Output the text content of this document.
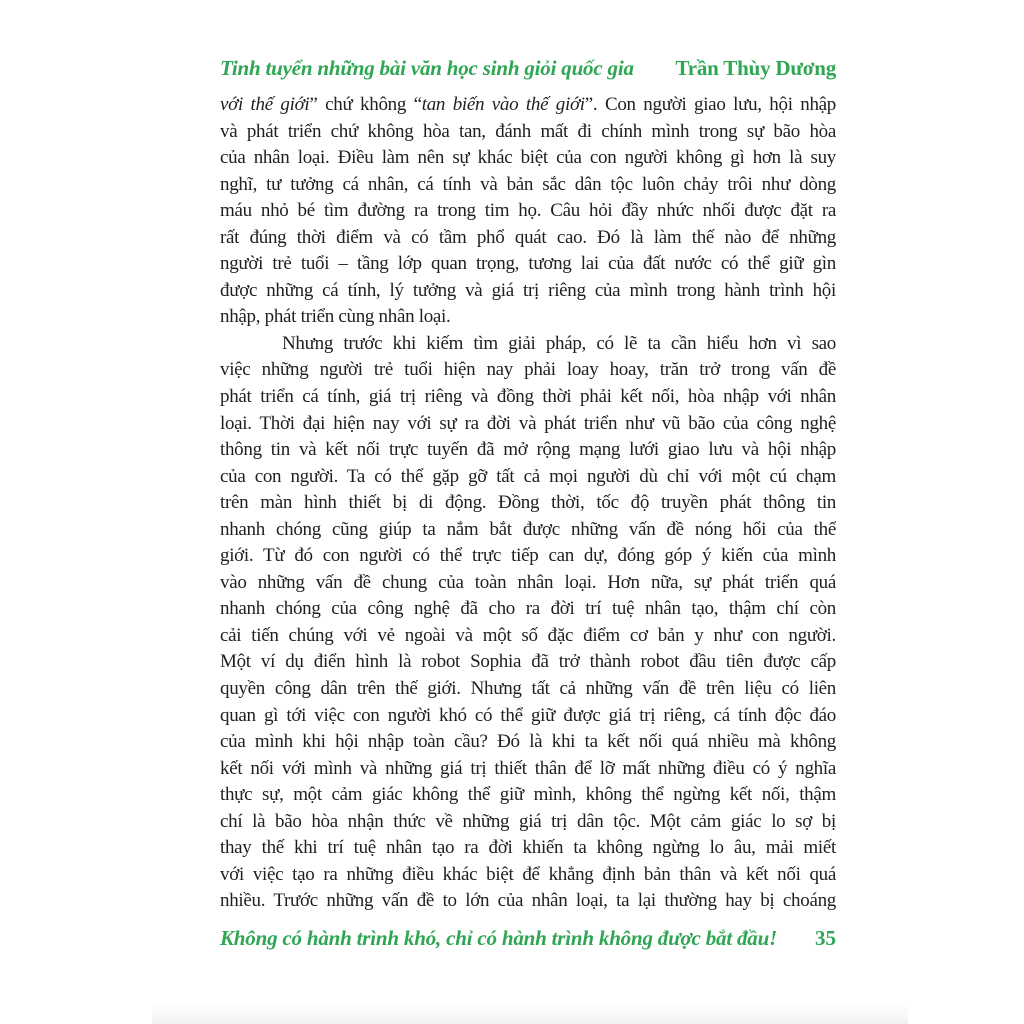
Tinh tuyển những bài văn học sinh giỏi quốc gia Trần Thùy Dương
với thế giới” chứ không “tan biến vào thế giới”. Con người giao lưu, hội nhập
và phát triển chứ không hòa tan, đánh mất đi chính mình trong sự bão hòa
của nhân loại. Điều làm nên sự khác biệt của con người không gì hơn là suy
nghĩ, tư tưởng cá nhân, cá tính và bản sắc dân tộc luôn chảy trôi như dòng
máu nhỏ bé tìm đường ra trong tim họ. Câu hỏi đầy nhức nhối được đặt ra
rất đúng thời điểm và có tầm phổ quát cao. Đó là làm thế nào để những
người trẻ tuổi – tầng lớp quan trọng, tương lai của đất nước có thể giữ gìn
được những cá tính, lý tưởng và giá trị riêng của mình trong hành trình hội
nhập, phát triển cùng nhân loại.
Nhưng trước khi kiếm tìm giải pháp, có lẽ ta cần hiểu hơn vì sao
việc những người trẻ tuổi hiện nay phải loay hoay, trăn trở trong vấn đề
phát triển cá tính, giá trị riêng và đồng thời phải kết nối, hòa nhập với nhân
loại. Thời đại hiện nay với sự ra đời và phát triển như vũ bão của công nghệ
thông tin và kết nối trực tuyến đã mở rộng mạng lưới giao lưu và hội nhập
của con người. Ta có thể gặp gỡ tất cả mọi người dù chỉ với một cú chạm
trên màn hình thiết bị di động. Đồng thời, tốc độ truyền phát thông tin
nhanh chóng cũng giúp ta nắm bắt được những vấn đề nóng hổi của thế
giới. Từ đó con người có thể trực tiếp can dự, đóng góp ý kiến của mình
vào những vấn đề chung của toàn nhân loại. Hơn nữa, sự phát triển quá
nhanh chóng của công nghệ đã cho ra đời trí tuệ nhân tạo, thậm chí còn
cải tiến chúng với vẻ ngoài và một số đặc điểm cơ bản y như con người.
Một ví dụ điển hình là robot Sophia đã trở thành robot đầu tiên được cấp
quyền công dân trên thế giới. Nhưng tất cả những vấn đề trên liệu có liên
quan gì tới việc con người khó có thể giữ được giá trị riêng, cá tính độc đáo
của mình khi hội nhập toàn cầu? Đó là khi ta kết nối quá nhiều mà không
kết nối với mình và những giá trị thiết thân để lỡ mất những điều có ý nghĩa
thực sự, một cảm giác không thể giữ mình, không thể ngừng kết nối, thậm
chí là bão hòa nhận thức về những giá trị dân tộc. Một cảm giác lo sợ bị
thay thế khi trí tuệ nhân tạo ra đời khiến ta không ngừng lo âu, mải miết
với việc tạo ra những điều khác biệt để khẳng định bản thân và kết nối quá
nhiều. Trước những vấn đề to lớn của nhân loại, ta lại thường hay bị choáng
Không có hành trình khó, chỉ có hành trình không được bắt đầu! 35
